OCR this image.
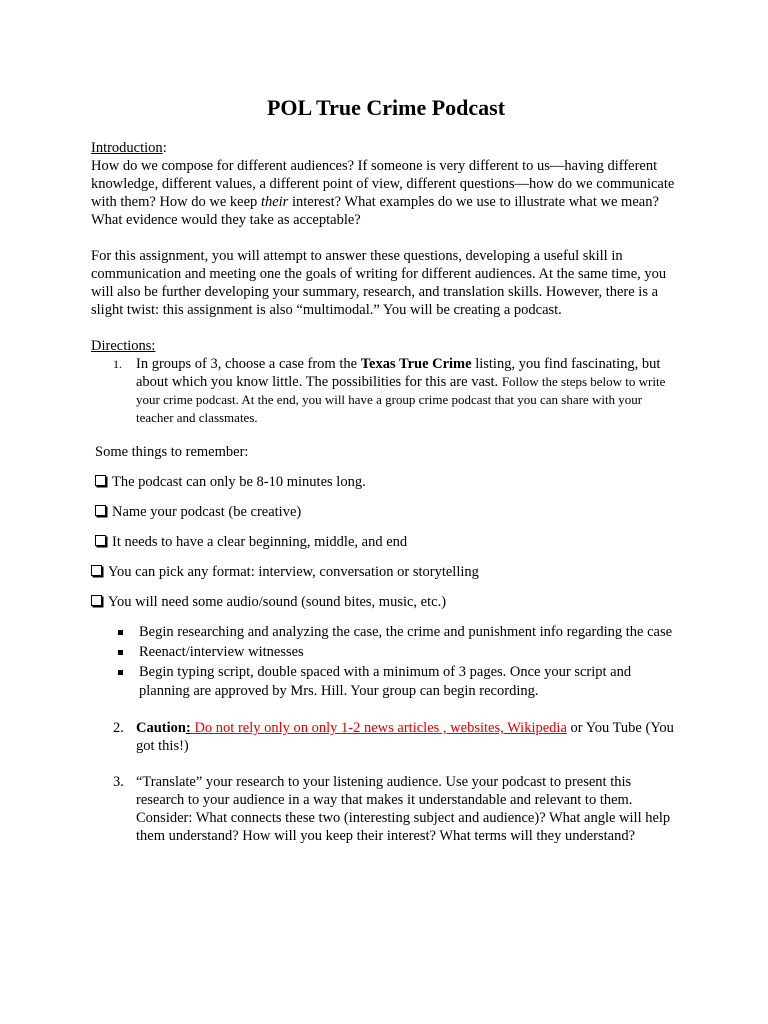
POL True Crime Podcast

Introduction:

How do we compose for different audiences? If someone is very different to us—having different knowledge, different values, a different point of view, different questions—how do we communicate with them? How do we keep their interest? What examples do we use to illustrate what we mean? What evidence would they take as acceptable?

For this assignment, you will attempt to answer these questions, developing a useful skill in communication and meeting one the goals of writing for different audiences. At the same time, you will also be further developing your summary, research, and translation skills. However, there is a slight twist: this assignment is also “multimodal.” You will be creating a podcast.

Directions:

1. In groups of 3, choose a case from the Texas True Crime listing, you find fascinating, but about which you know little. The possibilities for this are vast. Follow the steps below to write your crime podcast. At the end, you will have a group crime podcast that you can share with your teacher and classmates.

Some things to remember:

The podcast can only be 8-10 minutes long.

Name your podcast (be creative)

It needs to have a clear beginning, middle, and end

You can pick any format: interview, conversation or storytelling

You will need some audio/sound (sound bites, music, etc.)

Begin researching and analyzing the case, the crime and punishment info regarding the case
Reenact/interview witnesses
Begin typing script, double spaced with a minimum of 3 pages. Once your script and planning are approved by Mrs. Hill. Your group can begin recording.
2. Caution: Do not rely only on only 1-2 news articles , websites, Wikipedia or You Tube (You got this!)
3. “Translate” your research to your listening audience. Use your podcast to present this research to your audience in a way that makes it understandable and relevant to them. Consider: What connects these two (interesting subject and audience)? What angle will help them understand? How will you keep their interest? What terms will they understand?
